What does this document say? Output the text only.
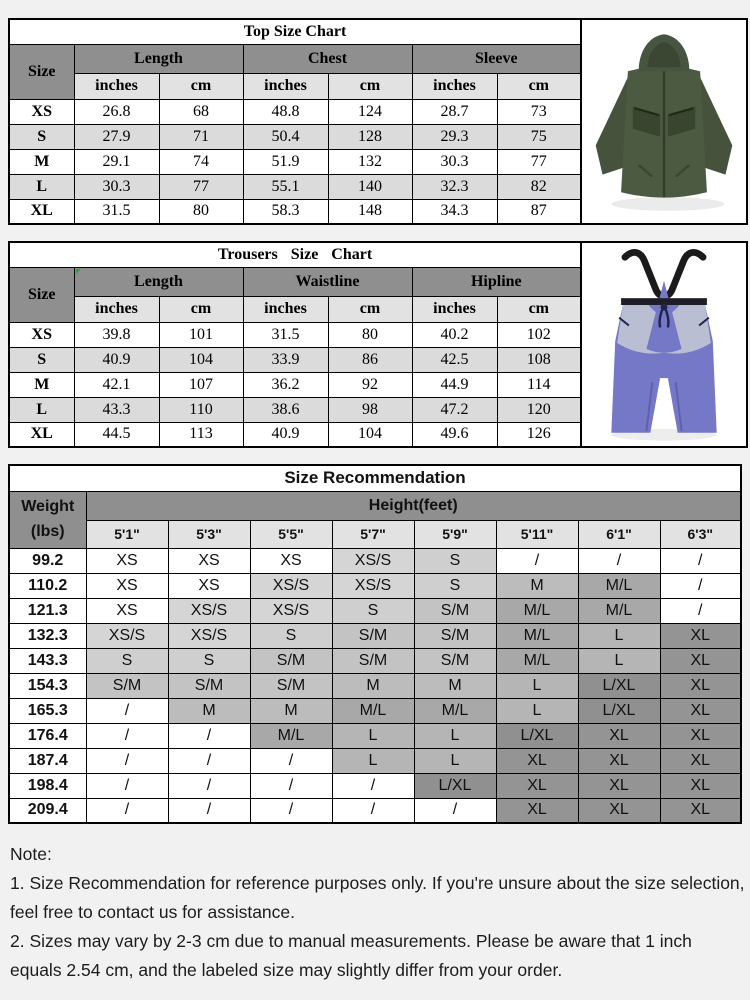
Top Size Chart						
Size	Length		Chest		Sleeve	
	inches	cm	inches	cm	inches	cm
XS	26.8	68	48.8	124	28.7	73
S	27.9	71	50.4	128	29.3	75
M	29.1	74	51.9	132	30.3	77
L	30.3	77	55.1	140	32.3	82
XL	31.5	80	58.3	148	34.3	87
Trousers Size Chart						
Size	Length		Waistline		Hipline	
	inches	cm	inches	cm	inches	cm
XS	39.8	101	31.5	80	40.2	102
S	40.9	104	33.9	86	42.5	108
M	42.1	107	36.2	92	44.9	114
L	43.3	110	38.6	98	47.2	120
XL	44.5	113	40.9	104	49.6	126
Size Recommendation								

Weight
(lbs)	Height(feet)							
	5'1"	5'3"	5'5"	5'7"	5'9"	5'11"	6'1"	6'3"
99.2	XS	XS	XS	XS/S	S	/	/	/
110.2	XS	XS	XS/S	XS/S	S	M	M/L	/
121.3	XS	XS/S	XS/S	S	S/M	M/L	M/L	/
132.3	XS/S	XS/S	S	S/M	S/M	M/L	L	XL
143.3	S	S	S/M	S/M	S/M	M/L	L	XL
154.3	S/M	S/M	S/M	M	M	L	L/XL	XL
165.3	/	M	M	M/L	M/L	L	L/XL	XL
176.4	/	/	M/L	L	L	L/XL	XL	XL
187.4	/	/	/	L	L	XL	XL	XL
198.4	/	/	/	/	L/XL	XL	XL	XL
209.4	/	/	/	/	/	XL	XL	XL
Note:
1. Size Recommendation for reference purposes only. If you're unsure about the size selection, feel free to contact us for assistance.
2. Sizes may vary by 2-3 cm due to manual measurements. Please be aware that 1 inch equals 2.54 cm, and the labeled size may slightly differ from your order.
